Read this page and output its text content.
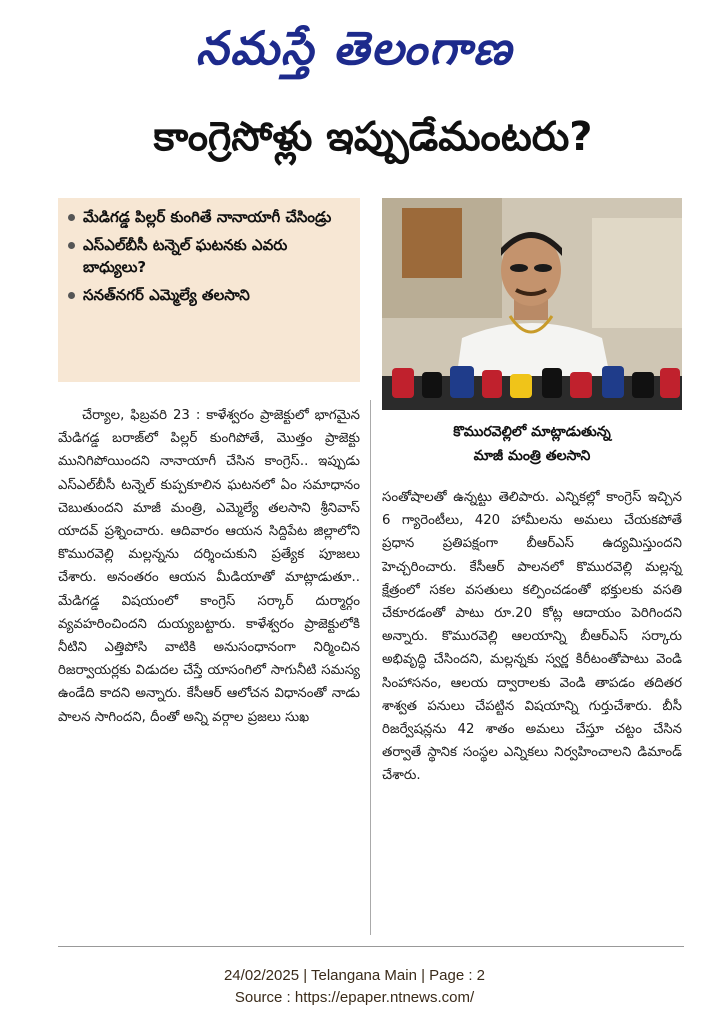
నమస్తే తెలంగాణ
కాంగ్రెసోళ్లు ఇప్పుడేమంటరు?
మేడిగడ్డ పిల్లర్ కుంగితే నానాయాగీ చేసిండ్రు
ఎస్‌ఎల్‌బీసీ టన్నెల్ ఘటనకు ఎవరు బాధ్యులు?
సనత్‌నగర్ ఎమ్మెల్యే తలసాని
కొమురవెల్లిలో మాట్లాడుతున్న
మాజీ మంత్రి తలసాని

చేర్యాల, ఫిబ్రవరి 23 : కాళేశ్వరం ప్రాజెక్టులో భాగమైన మేడిగడ్డ బరాజ్‌లో పిల్లర్ కుంగిపోతే, మొత్తం ప్రాజెక్టు మునిగిపోయిందని నానాయాగీ చేసిన కాంగ్రెస్.. ఇప్పుడు ఎస్‌ఎల్‌బీసీ టన్నెల్ కుప్పకూలిన ఘటనలో ఏం సమాధానం చెబుతుందని మాజీ మంత్రి, ఎమ్మెల్యే తలసాని శ్రీనివాస్ యాదవ్ ప్రశ్నించారు. ఆదివారం ఆయన సిద్దిపేట జిల్లాలోని కొమురవెల్లి మల్లన్నను దర్శించుకుని ప్రత్యేక పూజలు చేశారు. అనంతరం ఆయన మీడియాతో మాట్లాడుతూ.. మేడిగడ్డ విషయంలో కాంగ్రెస్ సర్కార్ దుర్మార్గం వ్యవహరించిందని దుయ్యబట్టారు. కాళేశ్వరం ప్రాజెక్టులోకి నీటిని ఎత్తిపోసి వాటికి అనుసంధానంగా నిర్మించిన రిజర్వాయర్లకు విడుదల చేస్తే యాసంగిలో సాగునీటి సమస్య ఉండేది కాదని అన్నారు. కేసీఆర్ ఆలోచన విధానంతో నాడు పాలన సాగిందని, దీంతో అన్ని వర్గాల ప్రజలు సుఖ

సంతోషాలతో ఉన్నట్టు తెలిపారు. ఎన్నికల్లో కాంగ్రెస్ ఇచ్చిన 6 గ్యారెంటీలు, 420 హామీలను అమలు చేయకపోతే ప్రధాన ప్రతిపక్షంగా బీఆర్‌ఎస్ ఉద్యమిస్తుందని హెచ్చరించారు. కేసీఆర్ పాలనలో కొమురవెల్లి మల్లన్న క్షేత్రంలో సకల వసతులు కల్పించడంతో భక్తులకు వసతి చేకూరడంతో పాటు రూ.20 కోట్ల ఆదాయం పెరిగిందని అన్నారు. కొమురవెల్లి ఆలయాన్ని బీఆర్‌ఎస్ సర్కారు అభివృద్ధి చేసిందని, మల్లన్నకు స్వర్ణ కిరీటంతోపాటు వెండి సింహాసనం, ఆలయ ద్వారాలకు వెండి తాపడం తదితర శాశ్వత పనులు చేపట్టిన విషయాన్ని గుర్తుచేశారు. బీసీ రిజర్వేషన్లను 42 శాతం అమలు చేస్తూ చట్టం చేసిన తర్వాతే స్థానిక సంస్థల ఎన్నికలు నిర్వహించాలని డిమాండ్ చేశారు.

24/02/2025 | Telangana Main | Page : 2
Source : https://epaper.ntnews.com/
